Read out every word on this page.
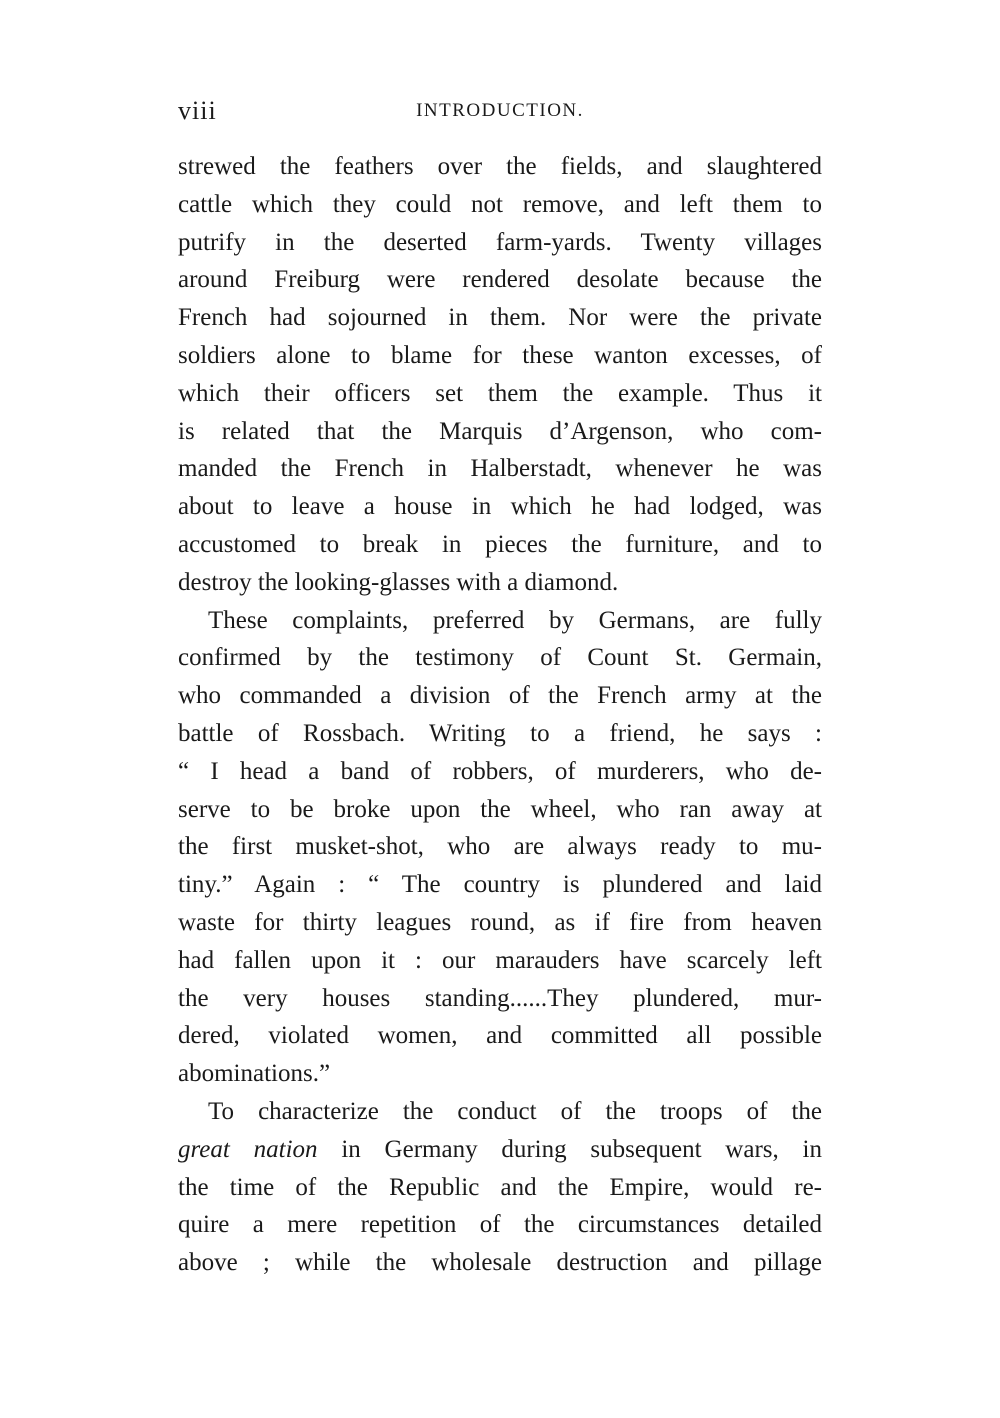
viii	INTRODUCTION.
strewed the feathers over the fields, and slaughtered
cattle which they could not remove, and left them to
putrify in the deserted farm-yards. Twenty villages
around Freiburg were rendered desolate because the
French had sojourned in them. Nor were the private
soldiers alone to blame for these wanton excesses, of
which their officers set them the example. Thus it
is related that the Marquis d’Argenson, who com-
manded the French in Halberstadt, whenever he was
about to leave a house in which he had lodged, was
accustomed to break in pieces the furniture, and to
destroy the looking-glasses with a diamond.
These complaints, preferred by Germans, are fully
confirmed by the testimony of Count St. Germain,
who commanded a division of the French army at the
battle of Rossbach. Writing to a friend, he says :
“ I head a band of robbers, of murderers, who de-
serve to be broke upon the wheel, who ran away at
the first musket-shot, who are always ready to mu-
tiny.” Again : “ The country is plundered and laid
waste for thirty leagues round, as if fire from heaven
had fallen upon it : our marauders have scarcely left
the very houses standing......They plundered, mur-
dered, violated women, and committed all possible
abominations.”
To characterize the conduct of the troops of the
great nation in Germany during subsequent wars, in
the time of the Republic and the Empire, would re-
quire a mere repetition of the circumstances detailed
above ; while the wholesale destruction and pillage
